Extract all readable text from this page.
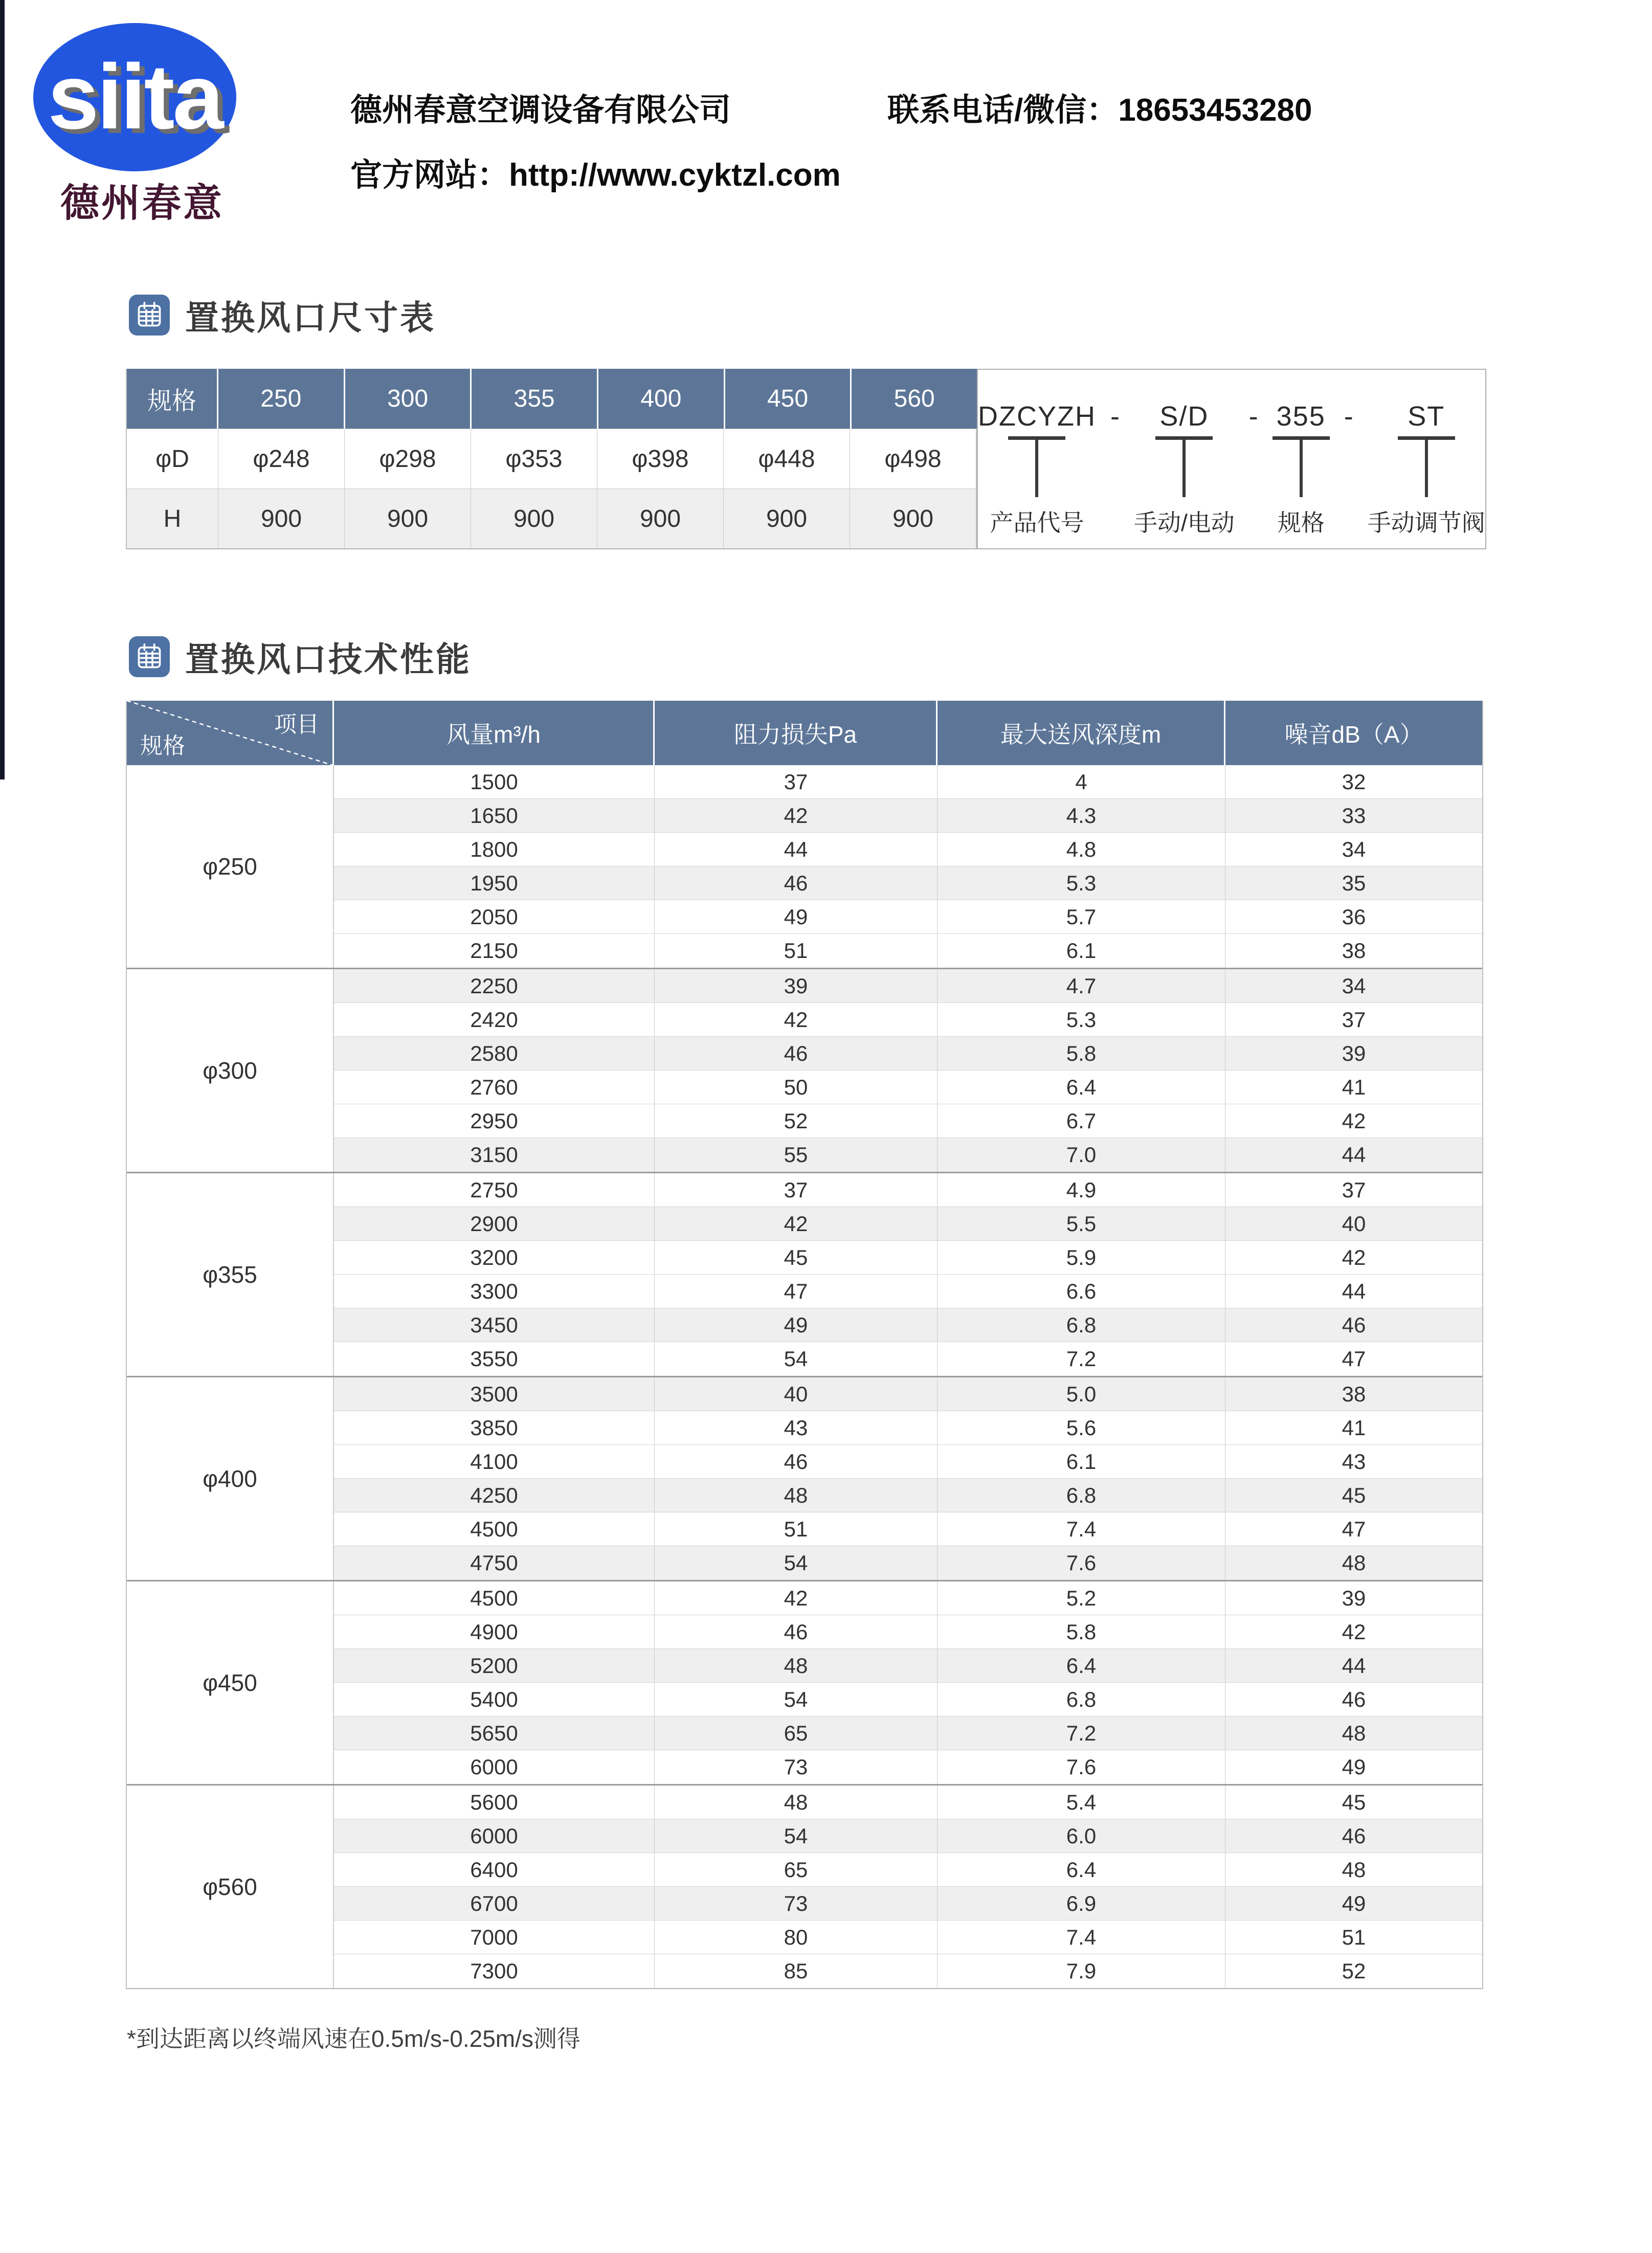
siita
德州春意
德州春意空调设备有限公司	联系电话/微信：18653453280
官方网站：http://www.cyktzl.com
置换风口尺寸表
规格	250	300	355	400	450	560
φD	φ248	φ298	φ353	φ398	φ448	φ498
H	900	900	900	900	900	900
DZCYZH
产品代号
-	S/D
手动/电动
- 355
规格
-	ST
手动调节阀
置换风口技术性能
项目
规格	风量m³/h	阻力损失Pa	最大送风深度m	噪音dB（A）
φ250
1500	37	4	32
1650	42	4.3	33
1800	44	4.8	34
1950	46	5.3	35
2050	49	5.7	36
2150	51	6.1	38
φ300
2250	39	4.7	34
2420	42	5.3	37
2580	46	5.8	39
2760	50	6.4	41
2950	52	6.7	42
3150	55	7.0	44
φ355
2750	37	4.9	37
2900	42	5.5	40
3200	45	5.9	42
3300	47	6.6	44
3450	49	6.8	46
3550	54	7.2	47
φ400
3500	40	5.0	38
3850	43	5.6	41
4100	46	6.1	43
4250	48	6.8	45
4500	51	7.4	47
4750	54	7.6	48
φ450
4500	42	5.2	39
4900	46	5.8	42
5200	48	6.4	44
5400	54	6.8	46
5650	65	7.2	48
6000	73	7.6	49
φ560
5600	48	5.4	45
6000	54	6.0	46
6400	65	6.4	48
6700	73	6.9	49
7000	80	7.4	51
7300	85	7.9	52
*到达距离以终端风速在0.5m/s-0.25m/s测得
